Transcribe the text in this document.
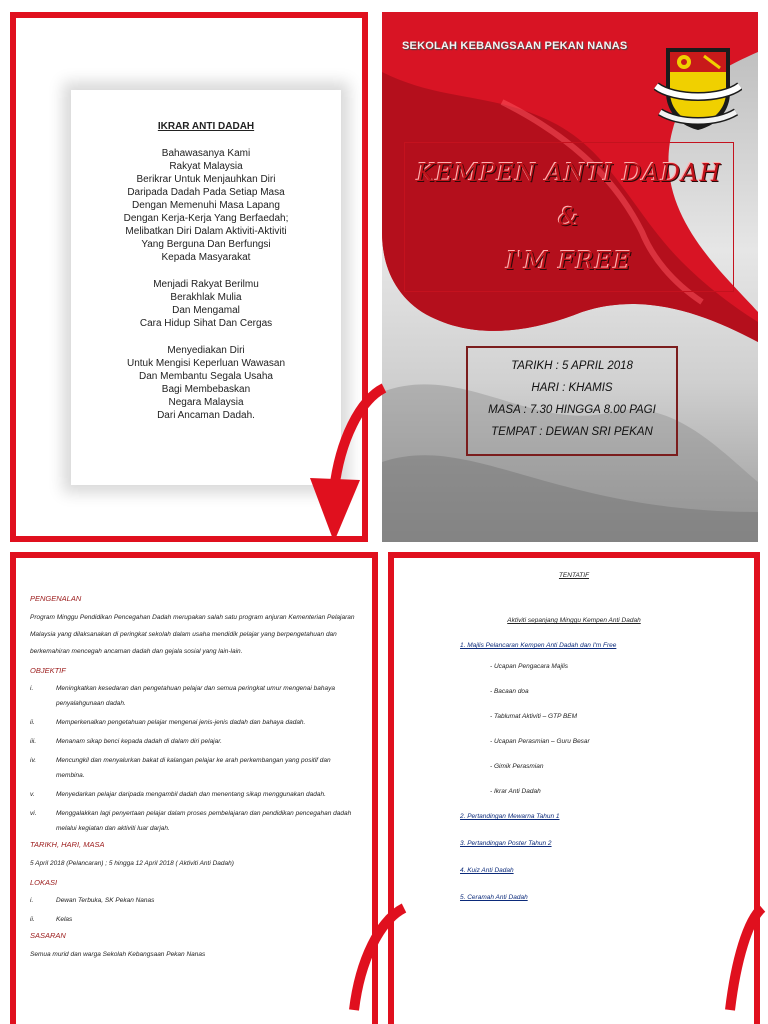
IKRAR ANTI DADAH
Bahawasanya Kami
Rakyat Malaysia
Berikrar Untuk Menjauhkan Diri
Daripada Dadah Pada Setiap Masa
Dengan Memenuhi Masa Lapang
Dengan Kerja-Kerja Yang Berfaedah;
Melibatkan Diri Dalam Aktiviti-Aktiviti
Yang Berguna Dan Berfungsi
Kepada Masyarakat
Menjadi Rakyat Berilmu
Berakhlak Mulia
Dan Mengamal
Cara Hidup Sihat Dan Cergas
Menyediakan Diri
Untuk Mengisi Keperluan Wawasan
Dan Membantu Segala Usaha
Bagi Membebaskan
Negara Malaysia
Dari Ancaman Dadah.
SEKOLAH KEBANGSAAN PEKAN NANAS
KEMPEN ANTI DADAH
&
I'M FREE
TARIKH : 5 APRIL 2018
HARI : KHAMIS
MASA : 7.30 HINGGA 8.00 PAGI
TEMPAT : DEWAN SRI PEKAN
PENGENALAN

Program Minggu Pendidikan Pencegahan Dadah merupakan salah satu program anjuran Kementerian Pelajaran Malaysia yang dilaksanakan di peringkat sekolah dalam usaha mendidik pelajar yang berpengetahuan dan berkemahiran mencegah ancaman dadah dan gejala sosial yang lain-lain.

OBJEKTIF
i.	Meningkatkan kesedaran dan pengetahuan pelajar dan semua peringkat umur mengenai bahaya penyalahgunaan dadah.
ii.	Memperkenalkan pengetahuan pelajar mengenai jenis-jenis dadah dan bahaya dadah.
iii.	Menanam sikap benci kepada dadah di dalam diri pelajar.
iv.	Mencungkil dan menyalurkan bakat di kalangan pelajar ke arah perkembangan yang positif dan membina.
v.	Menyedarkan pelajar daripada mengambil dadah dan menentang sikap menggunakan dadah.
vi.	Menggalakkan lagi penyertaan pelajar dalam proses pembelajaran dan pendidikan pencegahan dadah melalui kegiatan dan aktiviti luar darjah.
TARIKH, HARI, MASA

5 April 2018 (Pelancaran) ; 5 hingga 12 April 2018 ( Aktiviti Anti Dadah)

LOKASI
i.	Dewan Terbuka, SK Pekan Nanas
ii.	Kelas
SASARAN

Semua murid dan warga Sekolah Kebangsaan Pekan Nanas

TENTATIF
Aktiviti sepanjang Minggu Kempen Anti Dadah
1. Majlis Pelancaran Kempen Anti Dadah dan I'm Free
- Ucapan Pengacara Majlis
- Bacaan doa
- Tablumat Aktiviti – GTP BEM
- Ucapan Perasmian – Guru Besar
- Gimik Perasmian
- Ikrar Anti Dadah
2. Pertandingan Mewarna Tahun 1
3. Pertandingan Poster Tahun 2
4. Kuiz Anti Dadah
5. Ceramah Anti Dadah
